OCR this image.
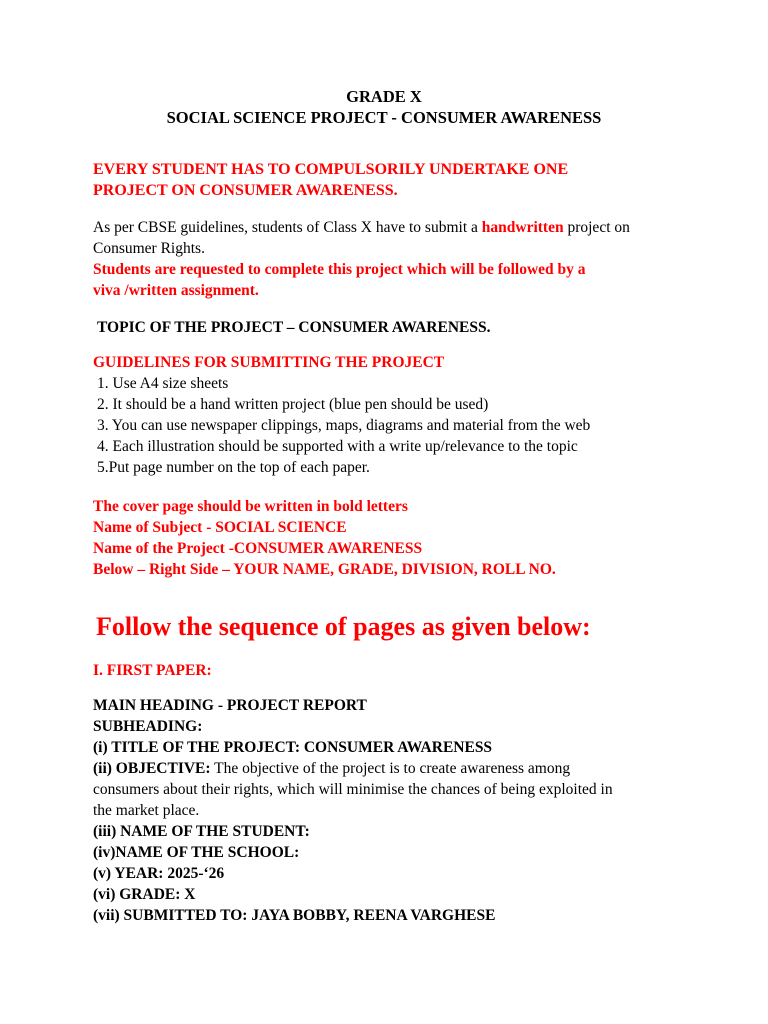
GRADE X

SOCIAL SCIENCE PROJECT - CONSUMER AWARENESS

EVERY STUDENT HAS TO COMPULSORILY UNDERTAKE ONE

PROJECT ON CONSUMER AWARENESS.

As per CBSE guidelines, students of Class X have to submit a handwritten project on

Consumer Rights.

Students are requested to complete this project which will be followed by a

viva /written assignment.

TOPIC OF THE PROJECT – CONSUMER AWARENESS.

GUIDELINES FOR SUBMITTING THE PROJECT

1. Use A4 size sheets
2. It should be a hand written project (blue pen should be used)
3. You can use newspaper clippings, maps, diagrams and material from the web
4. Each illustration should be supported with a write up/relevance to the topic
5.Put page number on the top of each paper.

The cover page should be written in bold letters

Name of Subject - SOCIAL SCIENCE

Name of the Project -CONSUMER AWARENESS

Below – Right Side – YOUR NAME, GRADE, DIVISION, ROLL NO.

Follow the sequence of pages as given below:

I. FIRST PAPER:

MAIN HEADING - PROJECT REPORT

SUBHEADING:

(i) TITLE OF THE PROJECT: CONSUMER AWARENESS

(ii) OBJECTIVE: The objective of the project is to create awareness among

consumers about their rights, which will minimise the chances of being exploited in

the market place.

(iii) NAME OF THE STUDENT:

(iv)NAME OF THE SCHOOL:

(v) YEAR: 2025-‘26

(vi) GRADE: X

(vii) SUBMITTED TO: JAYA BOBBY, REENA VARGHESE
